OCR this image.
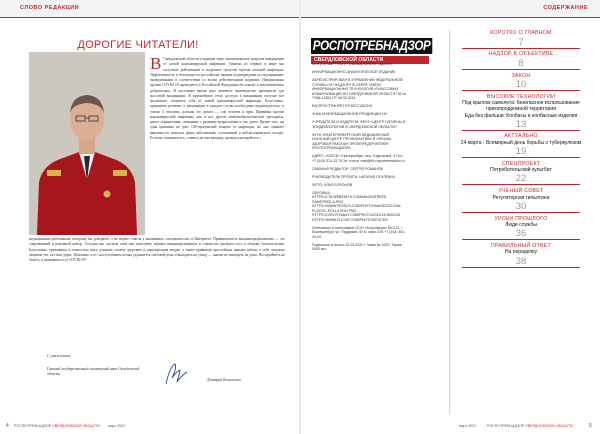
СЛОВО РЕДАКЦИИ
ДОРОГИЕ ЧИТАТЕЛИ!
В Свердловской области уходящая зима ознаменовалась началом вакцинации от новой коронавирусной инфекции. Одними из первых в мире мы получили действенное и надежное средство против опасной инфекции. Эффективность и безопасность российских вакцин подтверждены исследованиями, проведенными в соответствии со всеми действующими нормами. Иммунизация против COVID-19 проводится в Российской Федерации бесплатно и исключительно добровольно. В настоящее время идет активное производство препаратов для массовой вакцинации. В крупнейших сетях доступа к вакцинации получат все желающие: защитить себя от новой коронавирусной инфекции. Безусловно, принимать решение о вакцинации в каждом случае необходимо индивидуально, и только 2 человека должны это делать — сам человек и врач. Прививка против коронавирусной инфекции, как и все другие иммунобиологические препараты, имеет ограничения, связанные с разными возрастными и так далее. Кроме того, ни одна прививка не дает 100-процентной защиты от инфекции, но она снижает вероятность тяжелых форм заболевания, осложнений и неблагоприятного исхода. Если вы сомневаетесь, ставить ли вам вакцину, проконсультируйтесь с

медицинским работником, которому вы доверяете, а не ищите советы у анонимных «специалистов» в Интернете. Прививаемость вакцинопрофилактика — это современный и разумный выбор. Сегодня мы сделаем свой шаг навстречу первым вакцинирующимся и совместно пройдем путь к общему благополучию. Безусловно, прививаясь я полностью могу доверять своему здоровью и окружающим людям, а также прививать простейшие навыки заботы о себе, надежно защитив тех, кто вам дорог. Напомню, что с наступлением весны удлиняется световой день и выходить на улицу — значит не выходить из дома. Постарайтесь не болеть, и прививаться от COVID-19!

С уважением,
Главный государственный санитарный врач Свердловской области
Дмитрий Козловских
4 РОСПОТРЕБНАДЗОР СВЕРДЛОВСКОЙ ОБЛАСТИ март 2021
СОДЕРЖАНИЕ
РОСПОТРЕБНАДЗОР
СВЕРДЛОВСКОЙ ОБЛАСТИ
№ 3 (24) МАРТ 2021 г. (ежеквартальное издание)
ИНФОРМАЦИОННО-АНАЛИТИЧЕСКОЕ ИЗДАНИЕ
ЗАРЕГИСТРИРОВАН В УПРАВЛЕНИИ ФЕДЕРАЛЬНОЙ СЛУЖБЫ ПО НАДЗОРУ В СФЕРЕ СВЯЗИ, ИНФОРМАЦИОННЫХ ТЕХНОЛОГИЙ И МАССОВЫХ КОММУНИКАЦИЙ ПО СВЕРДЛОВСКОЙ ОБЛАСТИ ПИ № ТУ66-01354 ОТ 06.02.2014
РАСПРОСТРАНЯЕТСЯ БЕСПЛАТНО
ЗНАК ИНФОРМАЦИОННОЙ ПРОДУКЦИИ 16+
УЧРЕДИТЕЛИ И ИЗДАТЕЛИ: ФБУЗ «ЦЕНТР ГИГИЕНЫ И ЭПИДЕМИОЛОГИИ В СВЕРДЛОВСКОЙ ОБЛАСТИ»
ФГУН «ЕКАТЕРИНБУРГСКИЙ МЕДИЦИНСКИЙ НАУЧНЫЙ ЦЕНТР ПРОФИЛАКТИКИ И ОХРАНЫ ЗДОРОВЬЯ РАБОЧИХ ПРОМПРЕДПРИЯТИЙ» РОСПОТРЕБНАДЗОРА
АДРЕС: 620078 г. Екатеринбург, пер. Отдельный, 3 Тел.: +7 (343) 374-13-79 Эл. почта: mail@66.rospotrebnadzor.ru
ГЛАВНЫЙ РЕДАКТОР: СЕРГЕЙ РОМАНОВ
РУКОВОДИТЕЛЬ ПРОЕКТА: НАТАЛЬЯ ПУХЛЕВИЧ
ФОТО: ИЛЬЯ БОРОНОВ
ОБЛОЖКА: HTTPS://LTA.WEBSMITH.COM/MAGIN/FREEE-SAMEFREE-A.PNG HTTPS://WWW.PEXELS.COM/PHOTO/IMAGES/CLEAN-PLASTIC-POLLUTION.PNG HTTPS://CDN.PIXABAY.COM/PHOTO/2019/12/16/02/26 HTTPS://WWW.FLICKR.COM/PHOTOS/FLICKR
Отпечатано в типографии ООО «Астрофера» 620131, г. Екатеринбург, ул. Прудовая, 40 Б, офис 218 +7 (343) 351-34-04
Подписано в печать 22.03.2021 г. Заказ № 3229. Тираж 3000 экз.
КОРОТКО О ГЛАВНОМ
7
НАДЗОР В ОБЪЕКТИВЕ
8
ЗАКОН
10
ВЫСОКИЕ ТЕХНОЛОГИИ
Под крылом самолета: безопасное использование прикопродромной территории
Еда без фальши: Колбасы и колбасные изделия
13
АКТУАЛЬНО
24 марта - Всемирный день борьбы с туберкулезом
19
СПЕЦПРОЕКТ
Потребительский культбит
22
УЧЕНЫЙ СОВЕТ
Регуляторная гильотина
30
УРОКИ ПРОШЛОГО
Люди службы
36
ПРАВИЛЬНЫЙ ОТВЕТ
На переделку
38
март 2021	РОСПОТРЕБНАДЗОР СВЕРДЛОВСКОЙ ОБЛАСТИ	5
